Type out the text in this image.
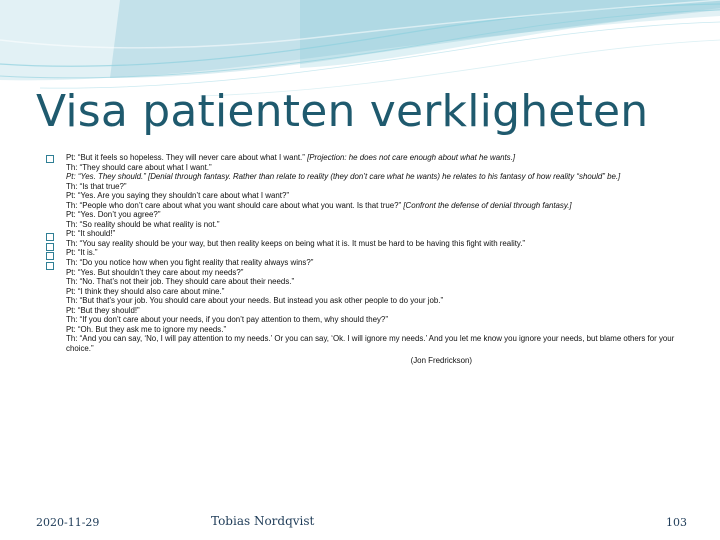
Visa patienten verkligheten
Pt: “But it feels so hopeless. They will never care about what I want.” [Projection: he does not care enough about what he wants.]
Th: “They should care about what I want.”
Pt: “Yes. They should.” [Denial through fantasy. Rather than relate to reality (they don’t care what he wants) he relates to his fantasy of how reality “should” be.]
Th: “Is that true?”
Pt: “Yes. Are you saying they shouldn’t care about what I want?”
Th: “People who don’t care about what you want should care about what you want. Is that true?” [Confront the defense of denial through fantasy.]
Pt: “Yes. Don’t you agree?”
Th: “So reality should be what reality is not.”
Pt: “It should!”
Th: “You say reality should be your way, but then reality keeps on being what it is. It must be hard to be having this fight with reality.”
Pt: “It is.”
Th: “Do you notice how when you fight reality that reality always wins?”
Pt: “Yes. But shouldn’t they care about my needs?”
Th: “No. That’s not their job. They should care about their needs.”
Pt: “I think they should also care about mine.”
Th: “But that’s your job. You should care about your needs. But instead you ask other people to do your job.”
Pt: “But they should!”
Th: “If you don’t care about your needs, if you don’t pay attention to them, why should they?”
Pt: “Oh. But they ask me to ignore my needs.”
Th: “And you can say, ‘No, I will pay attention to my needs.’ Or you can say, ‘Ok. I will ignore my needs.’ And you let me know you ignore your needs, but blame others for your choice.”
(Jon Fredrickson)
2020-11-29	Tobias Nordqvist	103
